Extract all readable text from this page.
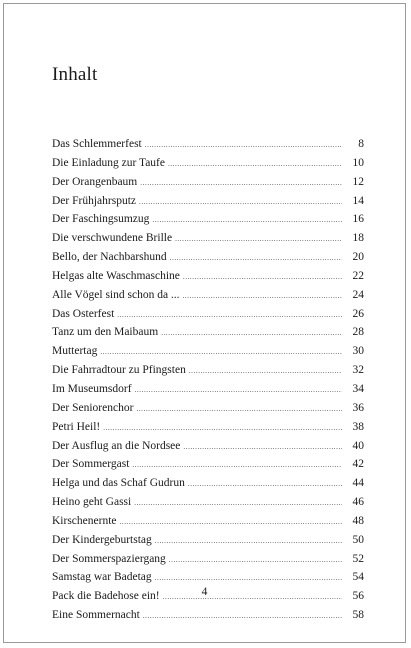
Inhalt
Das Schlemmerfest .....	8
Die Einladung zur Taufe .....	10
Der Orangenbaum .....	12
Der Frühjahrsputz .....	14
Der Faschingsumzug .....	16
Die verschwundene Brille .....	18
Bello, der Nachbarshund .....	20
Helgas alte Waschmaschine .....	22
Alle Vögel sind schon da ... .....	24
Das Osterfest .....	26
Tanz um den Maibaum .....	28
Muttertag .....	30
Die Fahrradtour zu Pfingsten .....	32
Im Museumsdorf .....	34
Der Seniorenchor .....	36
Petri Heil! .....	38
Der Ausflug an die Nordsee .....	40
Der Sommergast .....	42
Helga und das Schaf Gudrun .....	44
Heino geht Gassi .....	46
Kirschenernte .....	48
Der Kindergeburtstag .....	50
Der Sommerspaziergang .....	52
Samstag war Badetag .....	54
Pack die Badehose ein! .....	56
Eine Sommernacht .....	58
4
